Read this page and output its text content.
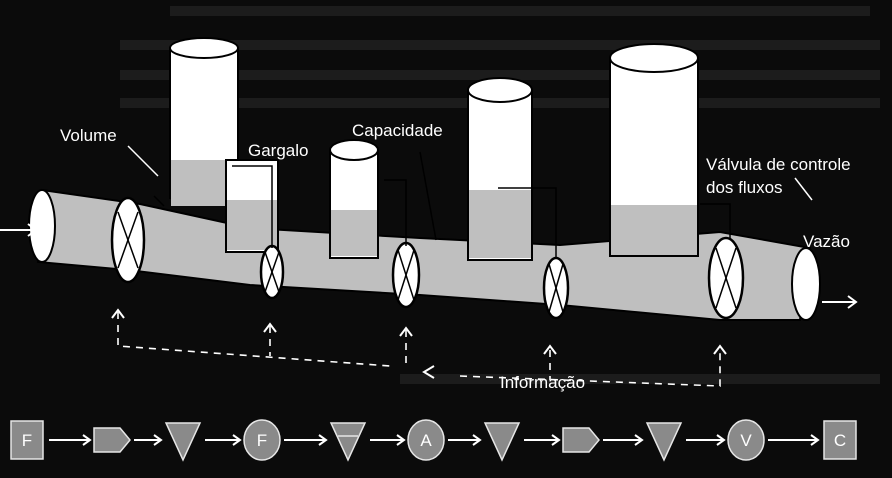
Volume
Gargalo
Capacidade
Válvula de controle
dos fluxos
Vazão
Informação
F	F	A	V	C
